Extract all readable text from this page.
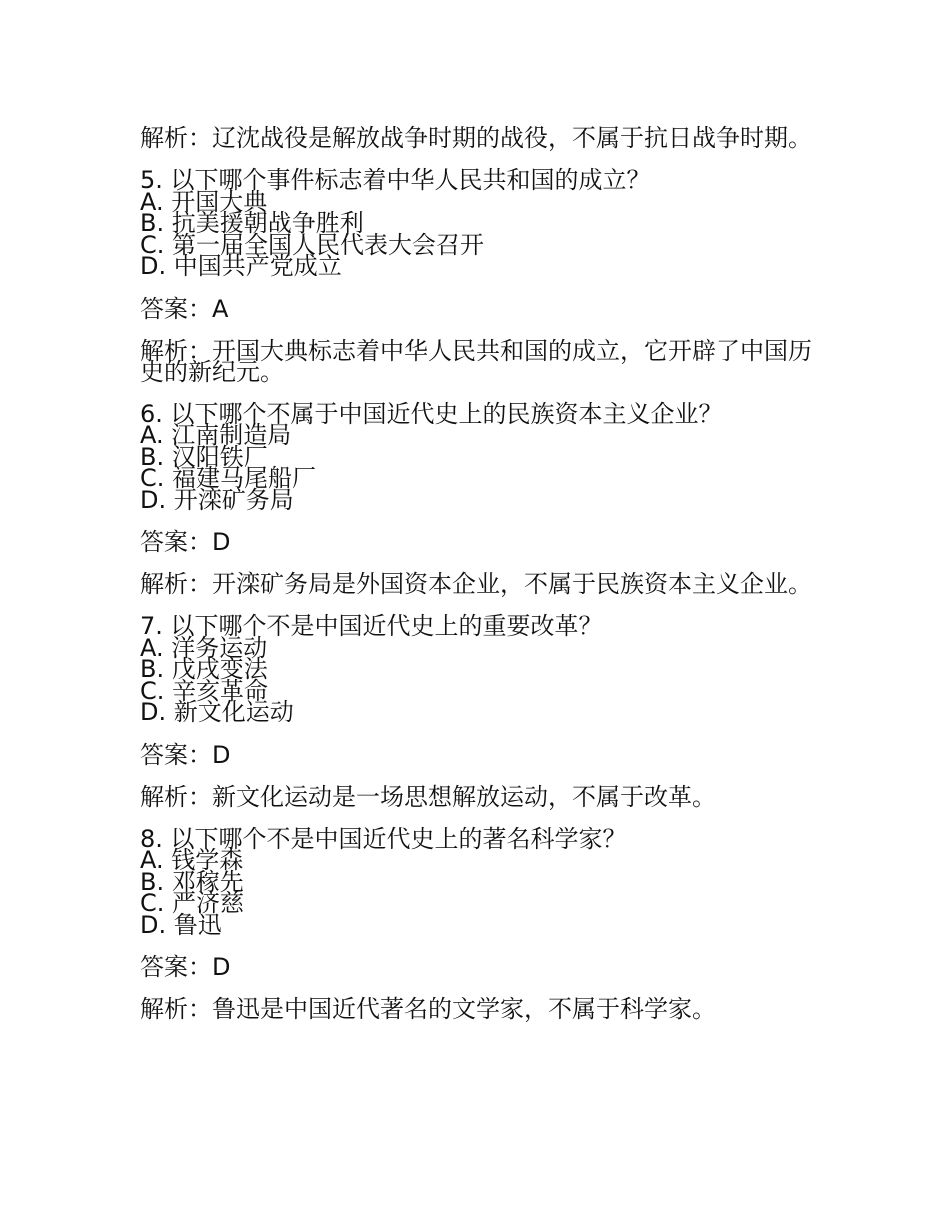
解析：辽沈战役是解放战争时期的战役，不属于抗日战争时期。

5. 以下哪个事件标志着中华人民共和国的成立？

A. 开国大典

B. 抗美援朝战争胜利

C. 第一届全国人民代表大会召开

D. 中国共产党成立

答案：A

解析：开国大典标志着中华人民共和国的成立，它开辟了中国历史的新纪元。

6. 以下哪个不属于中国近代史上的民族资本主义企业？

A. 江南制造局

B. 汉阳铁厂

C. 福建马尾船厂

D. 开滦矿务局

答案：D

解析：开滦矿务局是外国资本企业，不属于民族资本主义企业。

7. 以下哪个不是中国近代史上的重要改革？

A. 洋务运动

B. 戊戌变法

C. 辛亥革命

D. 新文化运动

答案：D

解析：新文化运动是一场思想解放运动，不属于改革。

8. 以下哪个不是中国近代史上的著名科学家？

A. 钱学森

B. 邓稼先

C. 严济慈

D. 鲁迅

答案：D

解析：鲁迅是中国近代著名的文学家，不属于科学家。
